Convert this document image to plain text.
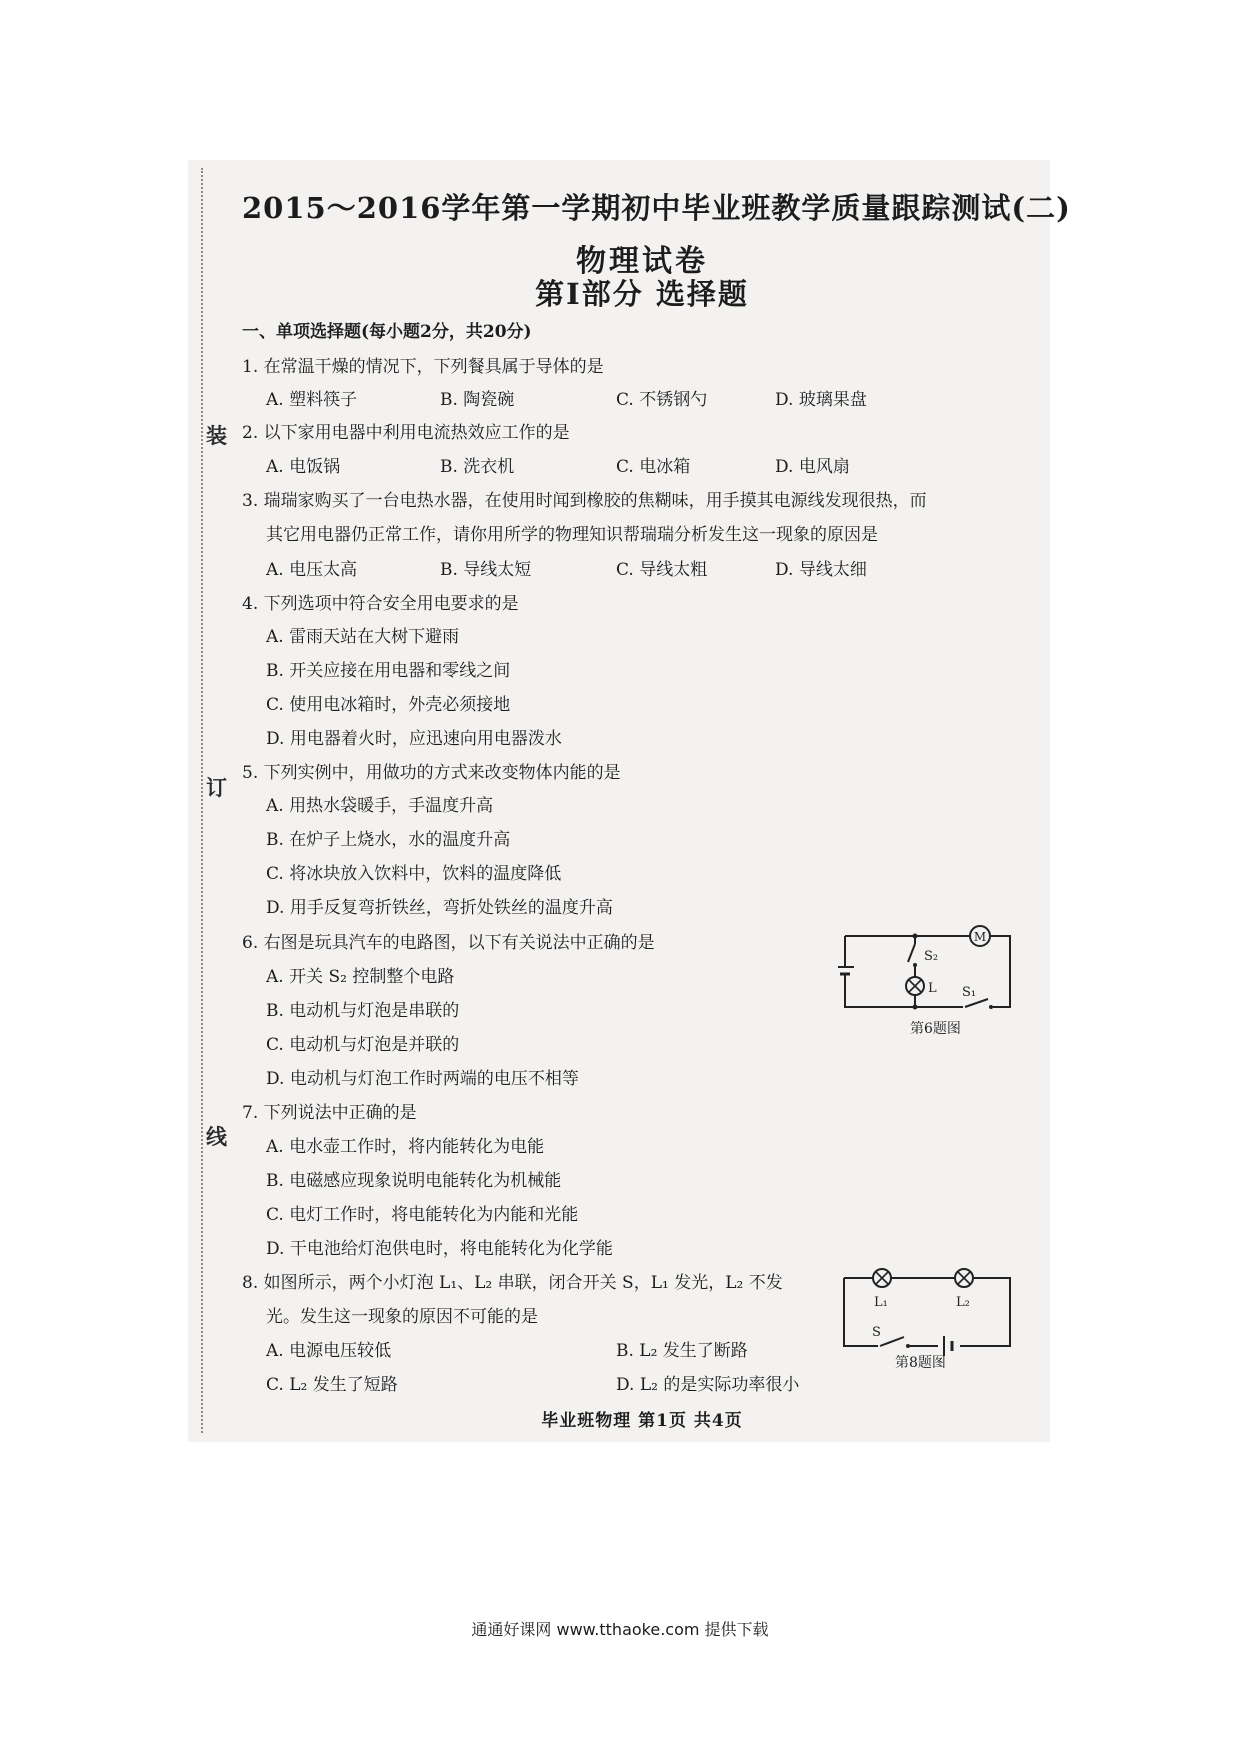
装
订
线
2015～2016学年第一学期初中毕业班教学质量跟踪测试(二)
物理试卷
第Ⅰ部分 选择题
一、单项选择题(每小题2分，共20分)
1. 在常温干燥的情况下，下列餐具属于导体的是
A. 塑料筷子	B. 陶瓷碗	C. 不锈钢勺	D. 玻璃果盘
2. 以下家用电器中利用电流热效应工作的是
A. 电饭锅	B. 洗衣机	C. 电冰箱	D. 电风扇
3. 瑞瑞家购买了一台电热水器，在使用时闻到橡胶的焦糊味，用手摸其电源线发现很热，而
其它用电器仍正常工作，请你用所学的物理知识帮瑞瑞分析发生这一现象的原因是
A. 电压太高	B. 导线太短	C. 导线太粗	D. 导线太细
4. 下列选项中符合安全用电要求的是
A. 雷雨天站在大树下避雨
B. 开关应接在用电器和零线之间
C. 使用电冰箱时，外壳必须接地
D. 用电器着火时，应迅速向用电器泼水
5. 下列实例中，用做功的方式来改变物体内能的是
A. 用热水袋暖手，手温度升高
B. 在炉子上烧水，水的温度升高
C. 将冰块放入饮料中，饮料的温度降低
D. 用手反复弯折铁丝，弯折处铁丝的温度升高
6. 右图是玩具汽车的电路图，以下有关说法中正确的是
A. 开关 S₂ 控制整个电路
B. 电动机与灯泡是串联的
C. 电动机与灯泡是并联的
D. 电动机与灯泡工作时两端的电压不相等
M
S₂
L S₁
第6题图
7. 下列说法中正确的是
A. 电水壶工作时，将内能转化为电能
B. 电磁感应现象说明电能转化为机械能
C. 电灯工作时，将电能转化为内能和光能
D. 干电池给灯泡供电时，将电能转化为化学能
8. 如图所示，两个小灯泡 L₁、L₂ 串联，闭合开关 S，L₁ 发光，L₂ 不发
光。发生这一现象的原因不可能的是
A. 电源电压较低	B. L₂ 发生了断路
C. L₂ 发生了短路	D. L₂ 的是实际功率很小
L₁	L₂
S
第8题图
毕业班物理 第1页 共4页
通通好课网 www.tthaoke.com 提供下载
